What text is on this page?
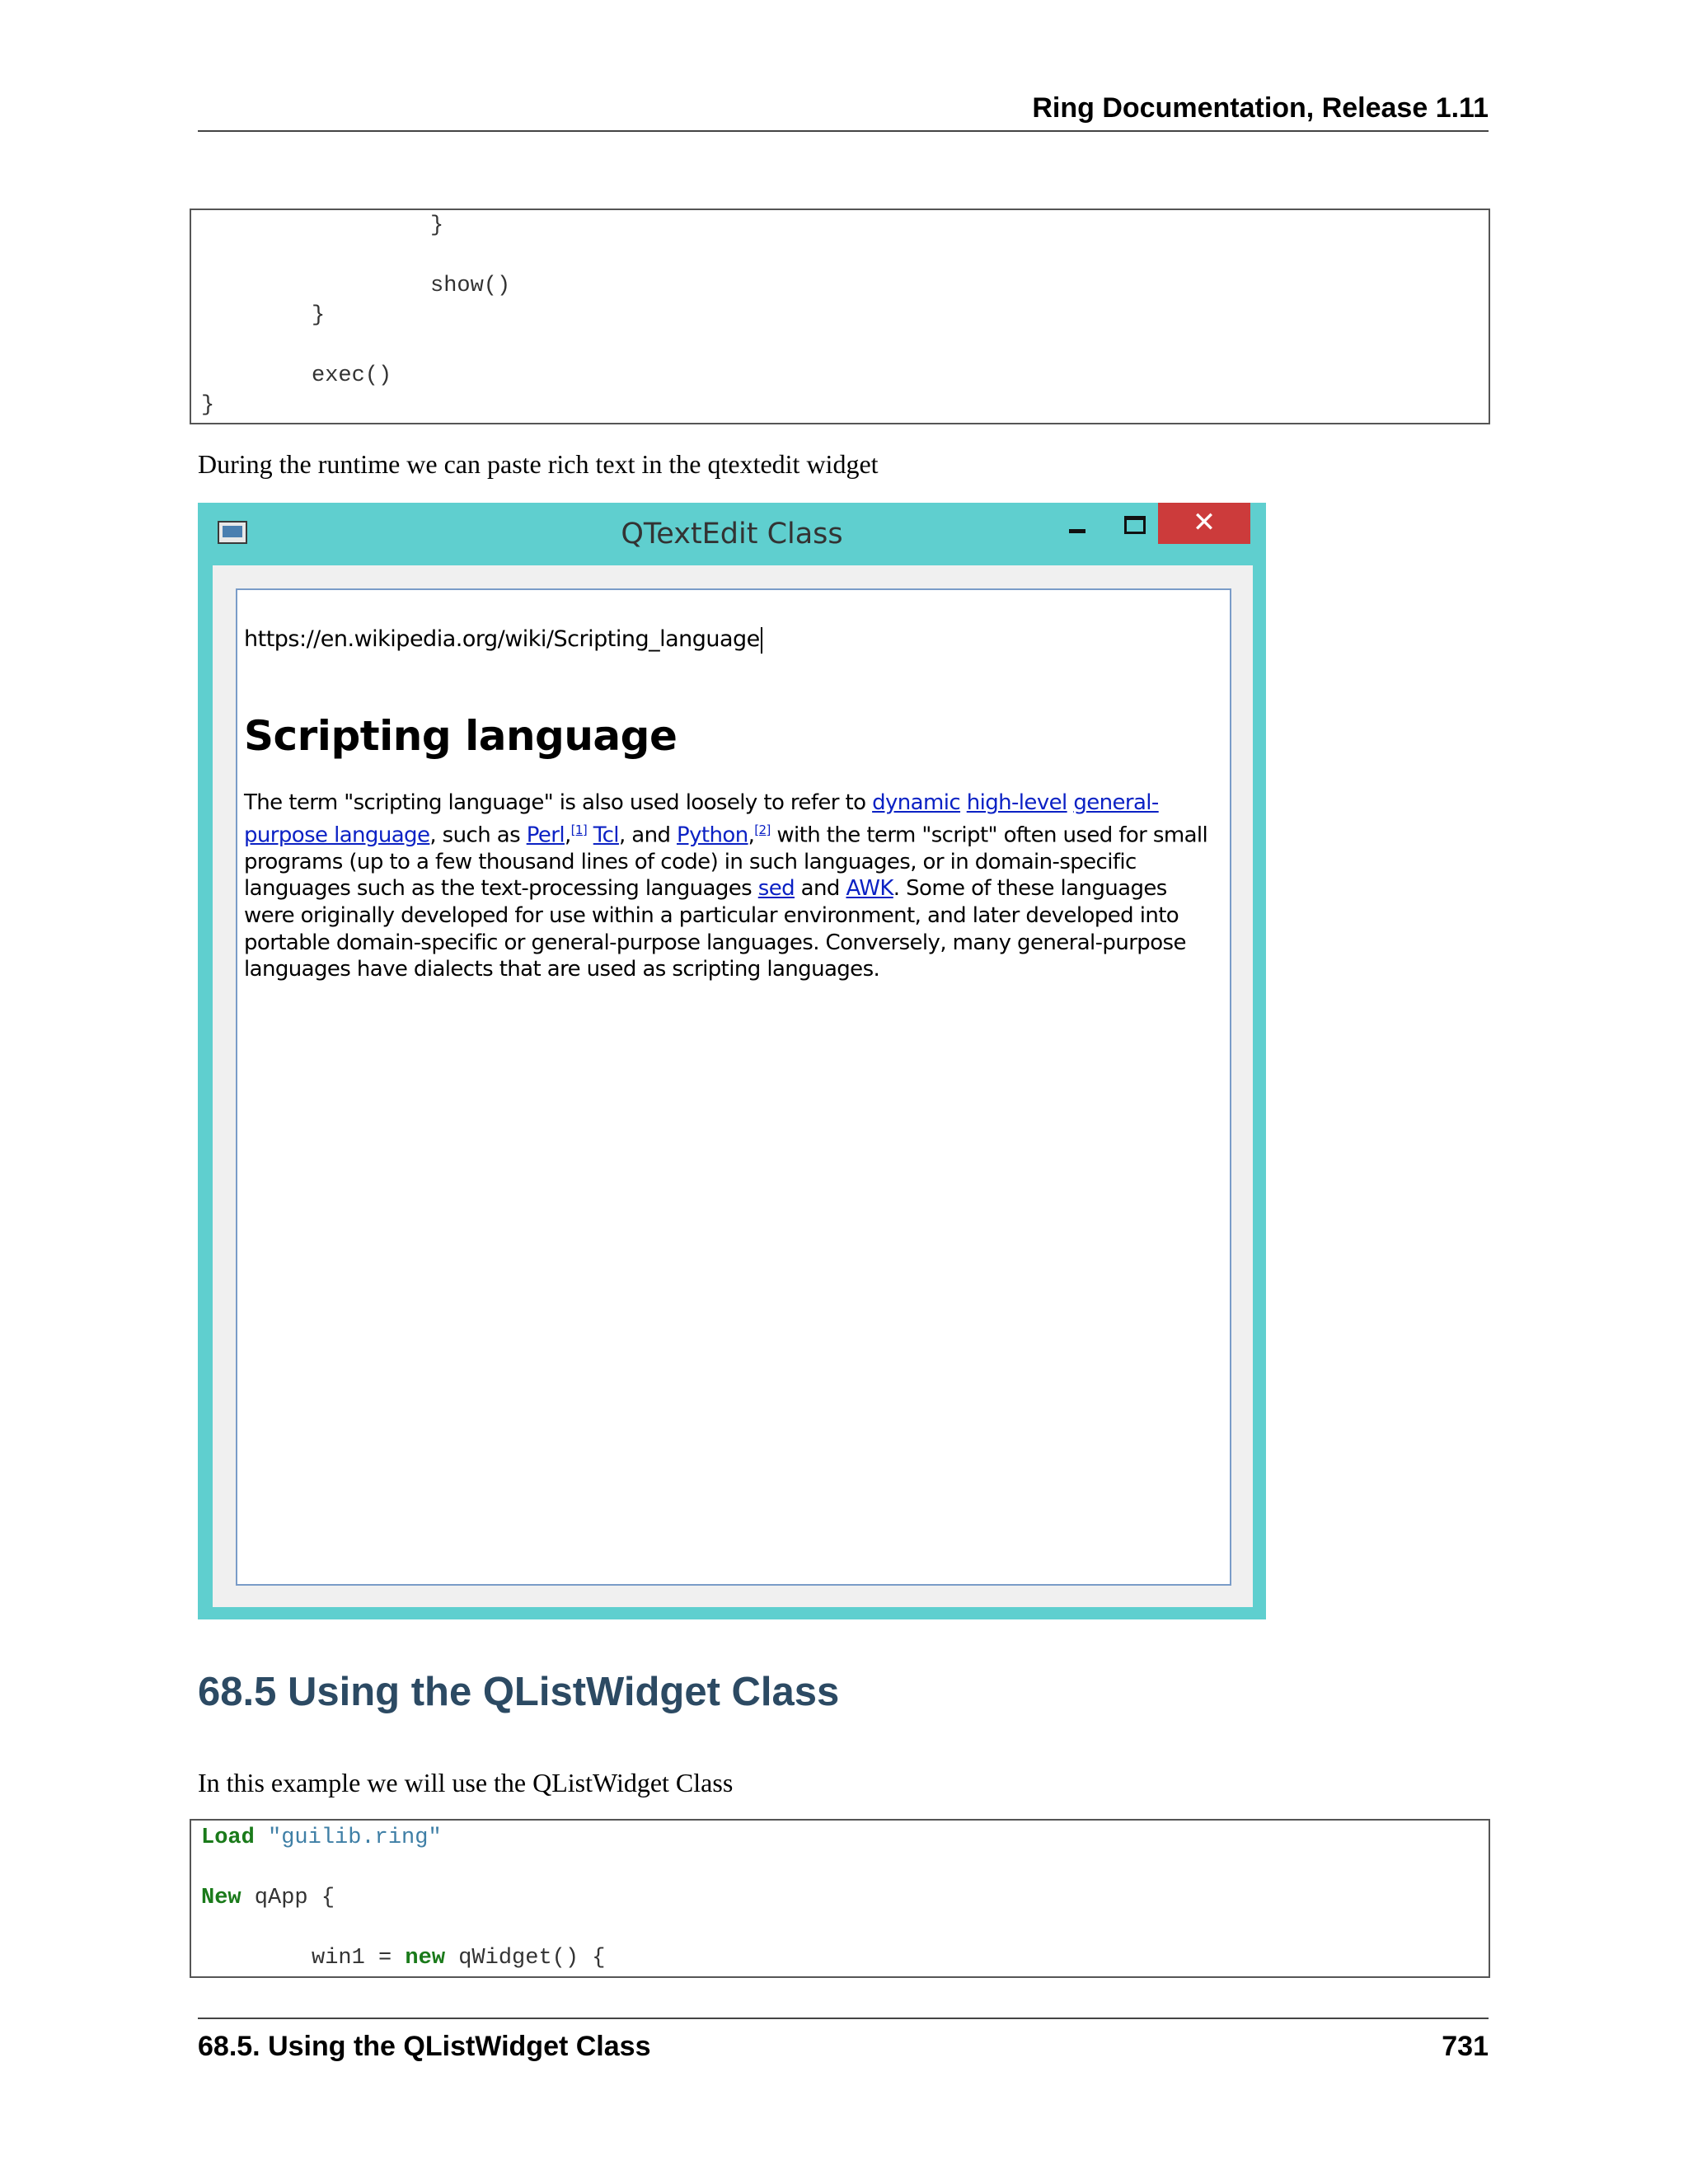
Ring Documentation, Release 1.11
}
show()
}
exec()
}
During the runtime we can paste rich text in the qtextedit widget
QTextEdit Class	✕
https://en.wikipedia.org/wiki/Scripting_language
Scripting language
The term "scripting language" is also used loosely to refer to dynamic high-level general-purpose language, such as Perl,[1] Tcl, and Python,[2] with the term "script" often used for small programs (up to a few thousand lines of code) in such languages, or in domain-specific languages such as the text-processing languages sed and AWK. Some of these languages were originally developed for use within a particular environment, and later developed into portable domain-specific or general-purpose languages. Conversely, many general-purpose languages have dialects that are used as scripting languages.
68.5 Using the QListWidget Class
In this example we will use the QListWidget Class
Load "guilib.ring"
New qApp {
win1 = new qWidget() {
68.5. Using the QListWidget Class	731
